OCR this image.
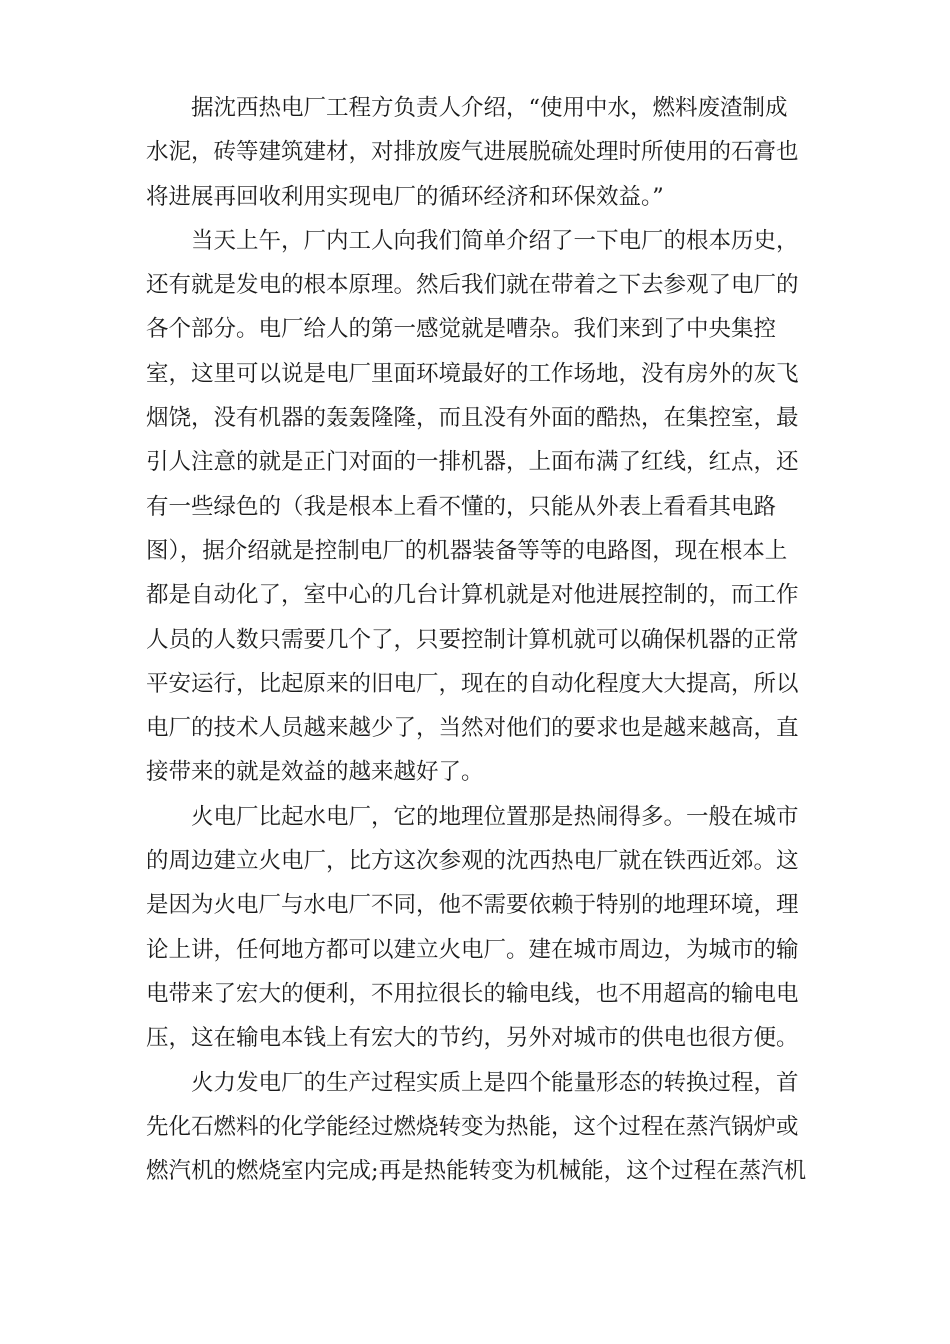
据沈西热电厂工程方负责人介绍，“使用中水，燃料废渣制成
水泥，砖等建筑建材，对排放废气进展脱硫处理时所使用的石膏也
将进展再回收利用实现电厂的循环经济和环保效益。”
当天上午，厂内工人向我们简单介绍了一下电厂的根本历史，
还有就是发电的根本原理。然后我们就在带着之下去参观了电厂的
各个部分。电厂给人的第一感觉就是嘈杂。我们来到了中央集控
室，这里可以说是电厂里面环境最好的工作场地，没有房外的灰飞
烟饶，没有机器的轰轰隆隆，而且没有外面的酷热，在集控室，最
引人注意的就是正门对面的一排机器，上面布满了红线，红点，还
有一些绿色的（我是根本上看不懂的，只能从外表上看看其电路
图），据介绍就是控制电厂的机器装备等等的电路图，现在根本上
都是自动化了，室中心的几台计算机就是对他进展控制的，而工作
人员的人数只需要几个了，只要控制计算机就可以确保机器的正常
平安运行，比起原来的旧电厂，现在的自动化程度大大提高，所以
电厂的技术人员越来越少了，当然对他们的要求也是越来越高，直
接带来的就是效益的越来越好了。
火电厂比起水电厂，它的地理位置那是热闹得多。一般在城市
的周边建立火电厂，比方这次参观的沈西热电厂就在铁西近郊。这
是因为火电厂与水电厂不同，他不需要依赖于特别的地理环境，理
论上讲，任何地方都可以建立火电厂。建在城市周边，为城市的输
电带来了宏大的便利，不用拉很长的输电线，也不用超高的输电电
压，这在输电本钱上有宏大的节约，另外对城市的供电也很方便。
火力发电厂的生产过程实质上是四个能量形态的转换过程，首
先化石燃料的化学能经过燃烧转变为热能，这个过程在蒸汽锅炉或
燃汽机的燃烧室内完成;再是热能转变为机械能，这个过程在蒸汽机
